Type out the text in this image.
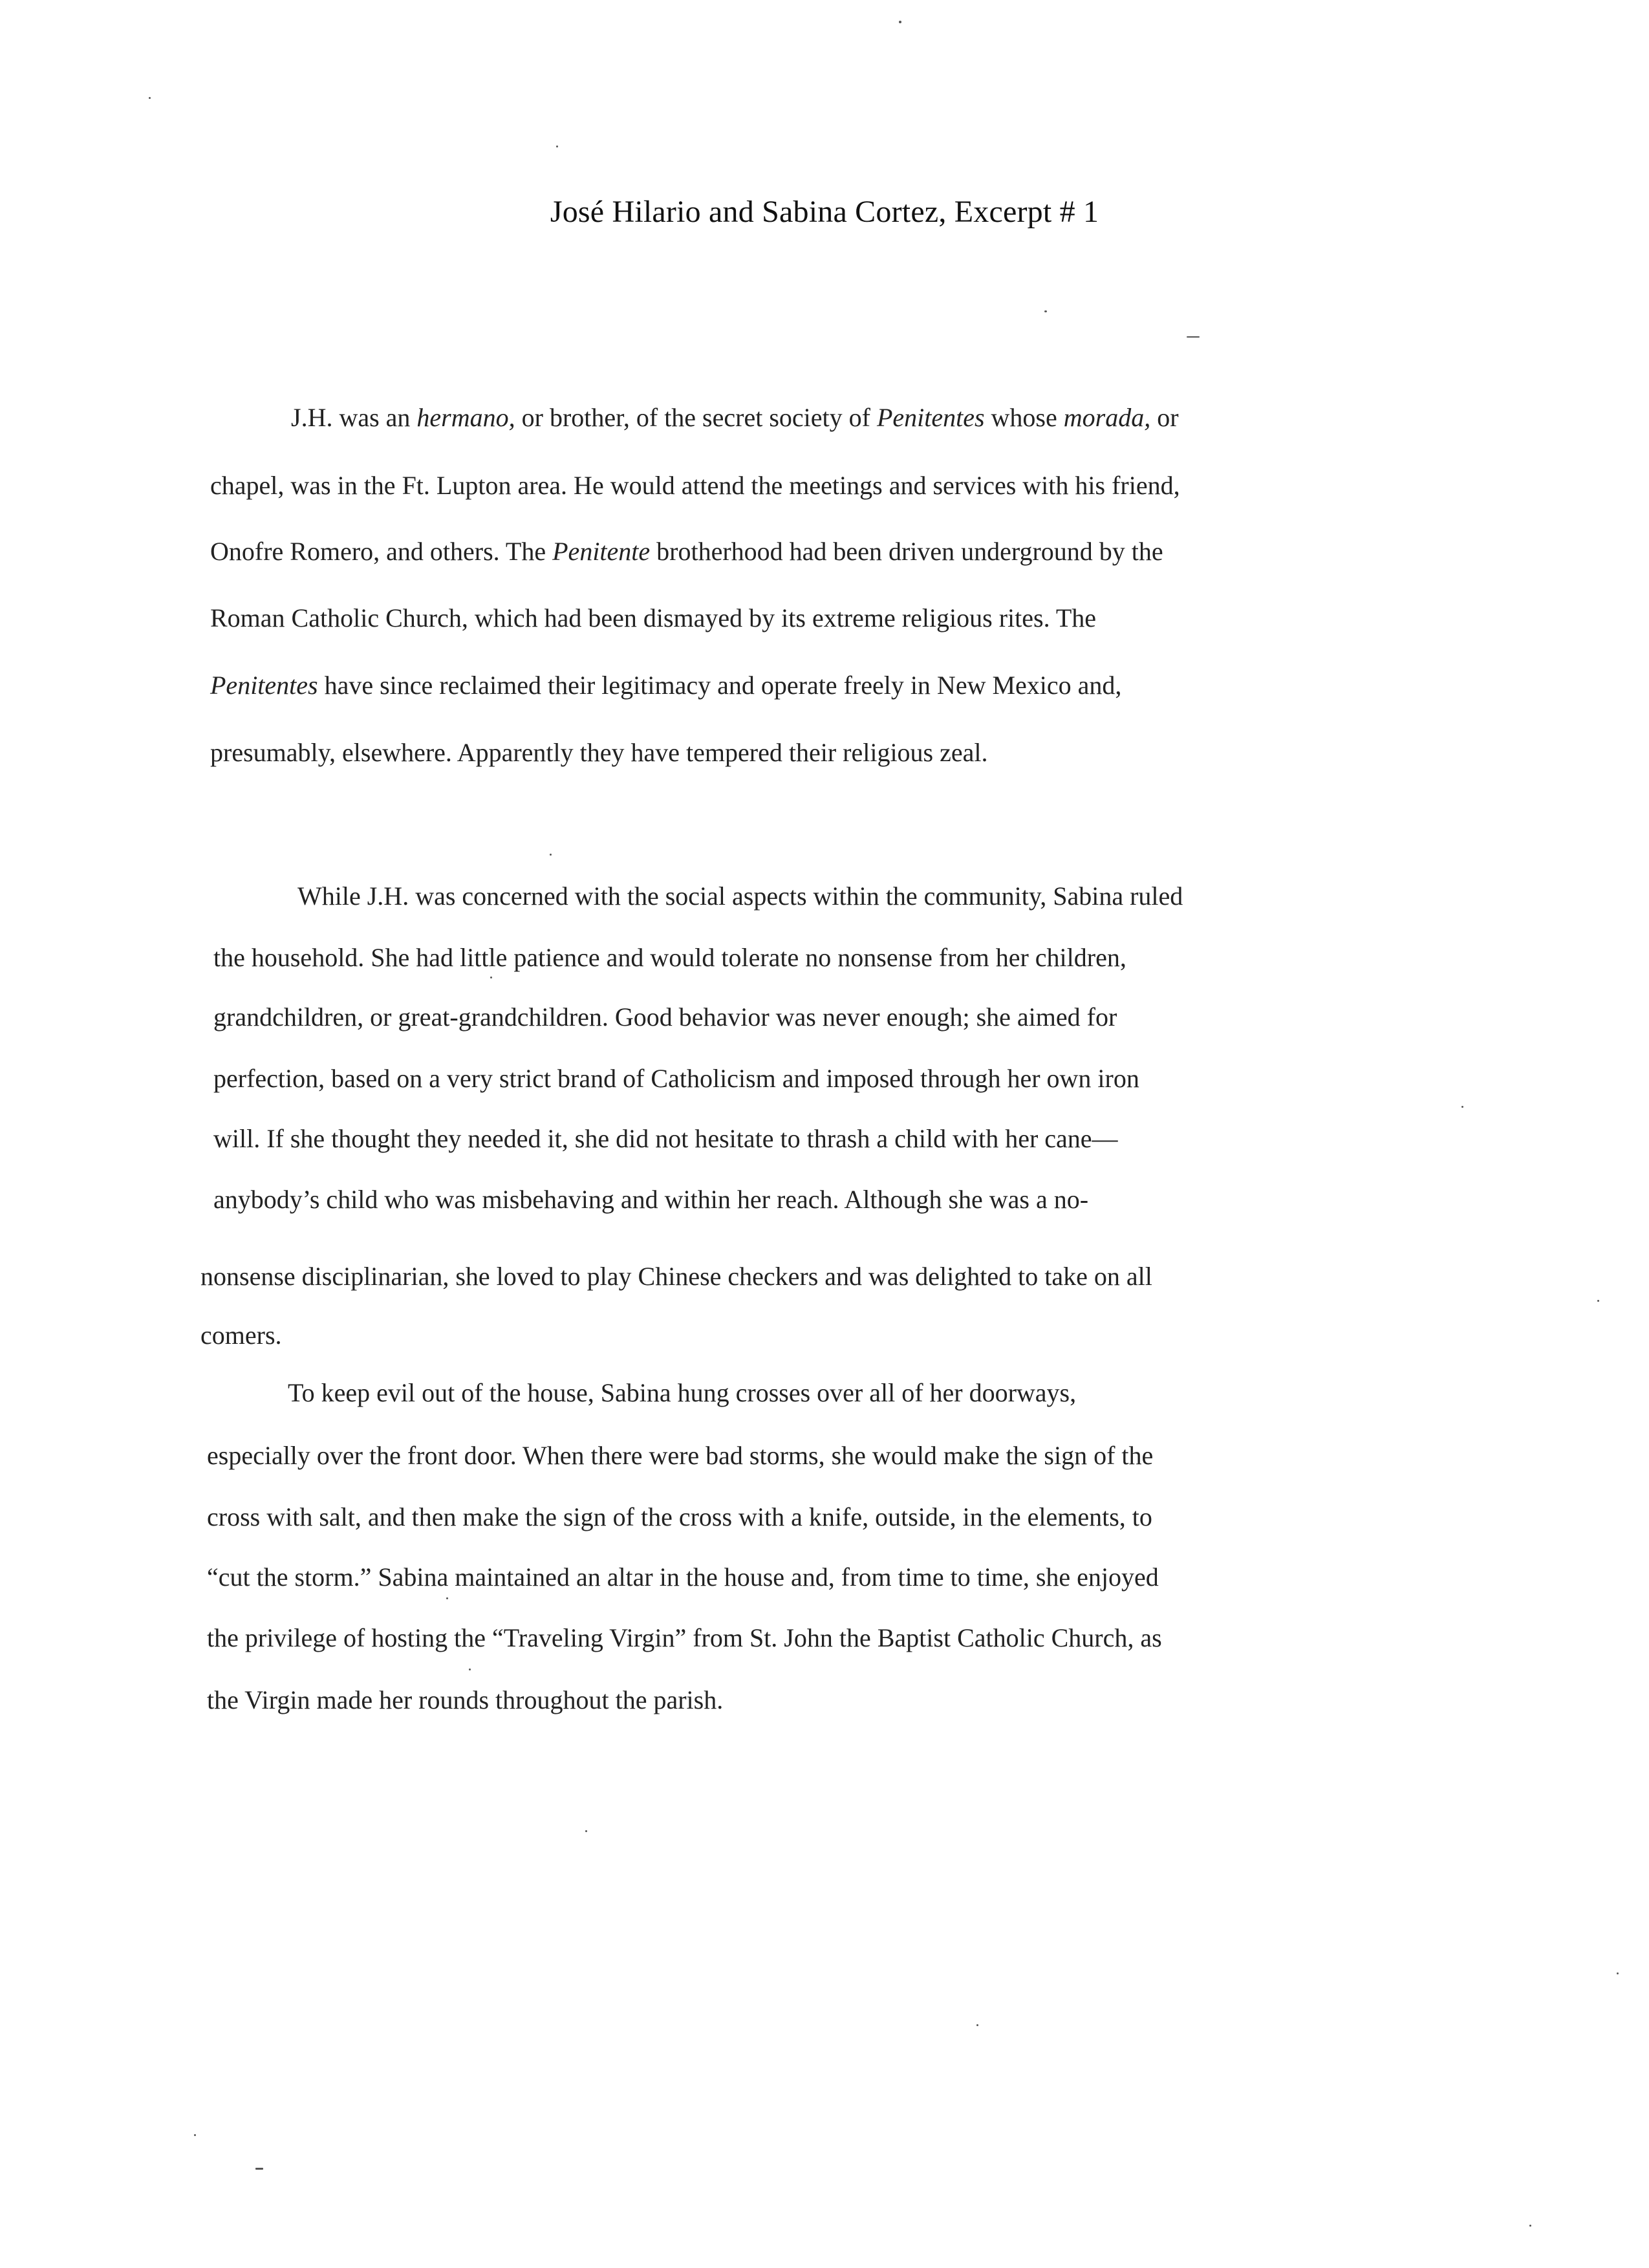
José Hilario and Sabina Cortez, Excerpt # 1
J.H. was an hermano, or brother, of the secret society of Penitentes whose morada, or
chapel, was in the Ft. Lupton area. He would attend the meetings and services with his friend,
Onofre Romero, and others. The Penitente brotherhood had been driven underground by the
Roman Catholic Church, which had been dismayed by its extreme religious rites. The
Penitentes have since reclaimed their legitimacy and operate freely in New Mexico and,
presumably, elsewhere. Apparently they have tempered their religious zeal.
While J.H. was concerned with the social aspects within the community, Sabina ruled
the household. She had little patience and would tolerate no nonsense from her children,
grandchildren, or great-grandchildren. Good behavior was never enough; she aimed for
perfection, based on a very strict brand of Catholicism and imposed through her own iron
will. If she thought they needed it, she did not hesitate to thrash a child with her cane—
anybody’s child who was misbehaving and within her reach. Although she was a no-
nonsense disciplinarian, she loved to play Chinese checkers and was delighted to take on all
comers.
To keep evil out of the house, Sabina hung crosses over all of her doorways,
especially over the front door. When there were bad storms, she would make the sign of the
cross with salt, and then make the sign of the cross with a knife, outside, in the elements, to
“cut the storm.” Sabina maintained an altar in the house and, from time to time, she enjoyed
the privilege of hosting the “Traveling Virgin” from St. John the Baptist Catholic Church, as
the Virgin made her rounds throughout the parish.
